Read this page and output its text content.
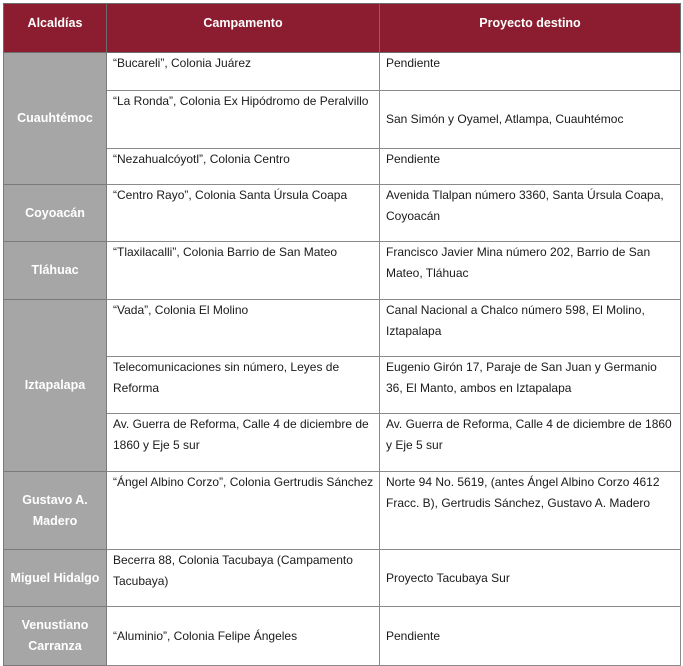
Alcaldías	Campamento	Proyecto destino
Cuauhtémoc	“Bucareli”, Colonia Juárez	Pendiente

	“La Ronda”, Colonia Ex Hipódromo de Peralvillo	San Simón y Oyamel, Atlampa, Cuauhtémoc

	“Nezahualcóyotl”, Colonia Centro	Pendiente

Coyoacán	“Centro Rayo”, Colonia Santa Úrsula Coapa	Avenida Tlalpan número 3360, Santa Úrsula Coapa, Coyoacán

Tláhuac	“Tlaxilacalli”, Colonia Barrio de San Mateo	Francisco Javier Mina número 202, Barrio de San Mateo, Tláhuac

Iztapalapa	“Vada”, Colonia El Molino	Canal Nacional a Chalco número 598, El Molino, Iztapalapa

	Telecomunicaciones sin número, Leyes de Reforma	Eugenio Girón 17, Paraje de San Juan y Germanio 36, El Manto, ambos en Iztapalapa

	Av. Guerra de Reforma, Calle 4 de diciembre de 1860 y Eje 5 sur	Av. Guerra de Reforma, Calle 4 de diciembre de 1860 y Eje 5 sur

Gustavo A. Madero	“Ángel Albino Corzo”, Colonia Gertrudis Sánchez	Norte 94 No. 5619, (antes Ángel Albino Corzo 4612 Fracc. B), Gertrudis Sánchez, Gustavo A. Madero

Miguel Hidalgo	Becerra 88, Colonia Tacubaya (Campamento Tacubaya)	Proyecto Tacubaya Sur

Venustiano Carranza	“Aluminio”, Colonia Felipe Ángeles	Pendiente
